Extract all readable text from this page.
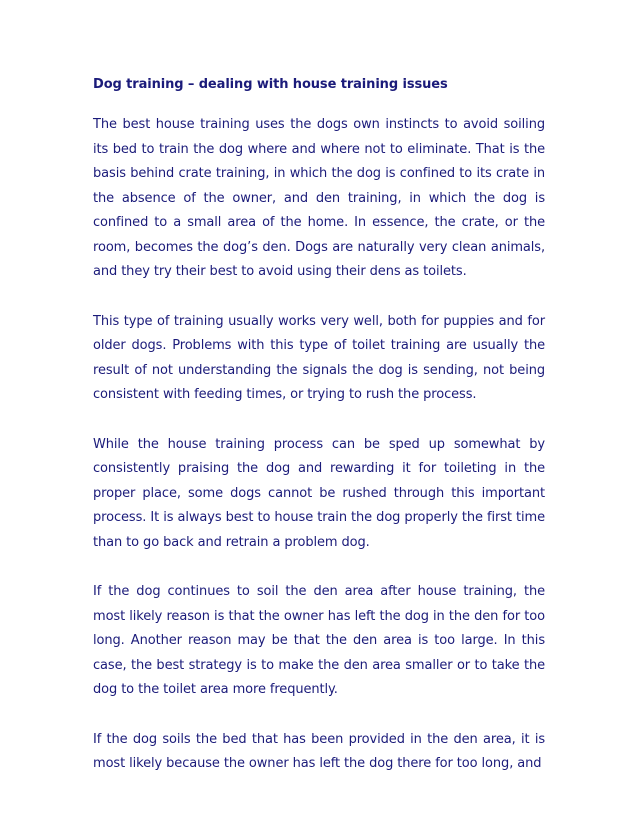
Dog training – dealing with house training issues

The best house training uses the dogs own instincts to avoid soiling its bed to train the dog where and where not to eliminate. That is the basis behind crate training, in which the dog is confined to its crate in the absence of the owner, and den training, in which the dog is confined to a small area of the home. In essence, the crate, or the room, becomes the dog’s den. Dogs are naturally very clean animals, and they try their best to avoid using their dens as toilets.

This type of training usually works very well, both for puppies and for older dogs. Problems with this type of toilet training are usually the result of not understanding the signals the dog is sending, not being consistent with feeding times, or trying to rush the process.

While the house training process can be sped up somewhat by consistently praising the dog and rewarding it for toileting in the proper place, some dogs cannot be rushed through this important process. It is always best to house train the dog properly the first time than to go back and retrain a problem dog.

If the dog continues to soil the den area after house training, the most likely reason is that the owner has left the dog in the den for too long. Another reason may be that the den area is too large. In this case, the best strategy is to make the den area smaller or to take the dog to the toilet area more frequently.

If the dog soils the bed that has been provided in the den area, it is most likely because the owner has left the dog there for too long, and
